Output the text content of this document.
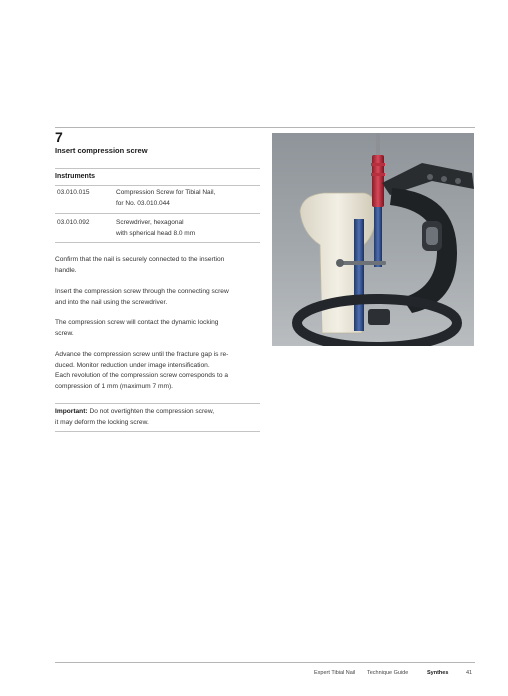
7
Insert compression screw
Instruments
03.010.015	Compression Screw for Tibial Nail,
for No. 03.010.044
03.010.092	Screwdriver, hexagonal
with spherical head 8.0 mm
Confirm that the nail is securely connected to the insertion
handle.
Insert the compression screw through the connecting screw
and into the nail using the screwdriver.
The compression screw will contact the dynamic locking
screw.
Advance the compression screw until the fracture gap is re-
duced. Monitor reduction under image intensification.
Each revolution of the compression screw corresponds to a
compression of 1 mm (maximum 7 mm).
Important: Do not overtighten the compression screw,
it may deform the locking screw.
Expert Tibial Nail Technique Guide	Synthes	41
